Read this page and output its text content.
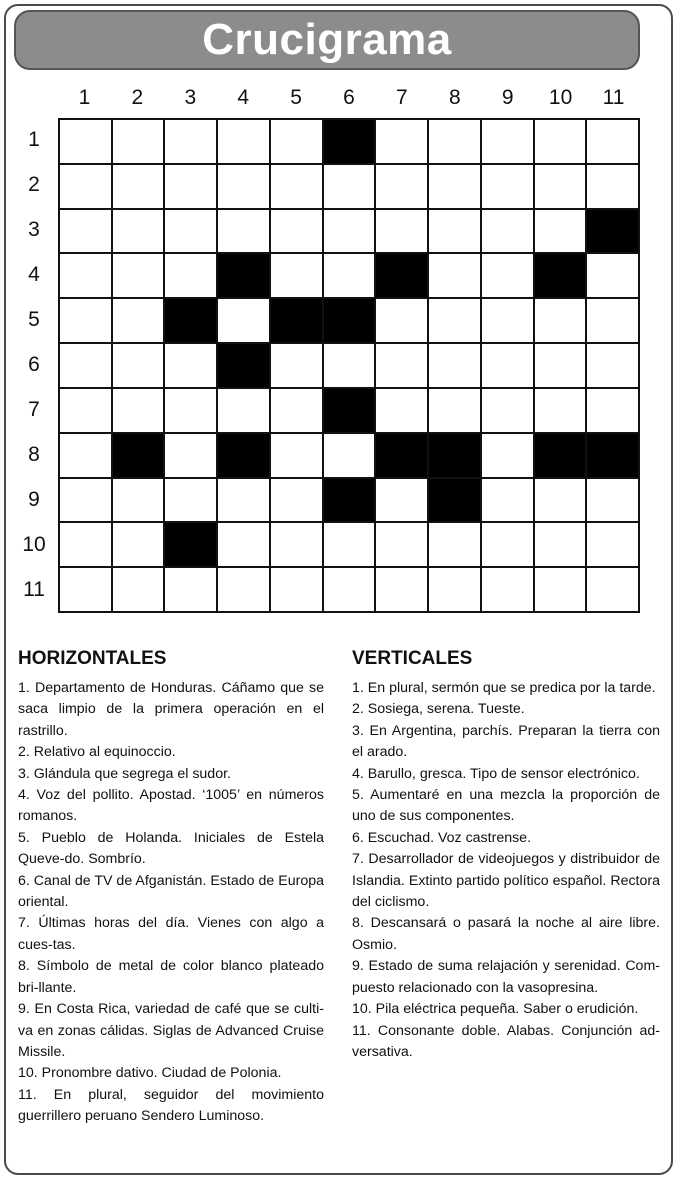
Crucigrama
1	2	3	4	5	6	7	8	9	10	11
1
2
3
4
5
6
7
8
9
10
11
HORIZONTALES

1. Departamento de Honduras. Cáñamo que se saca limpio de la primera operación en el rastrillo.

2. Relativo al equinoccio.

3. Glándula que segrega el sudor.

4. Voz del pollito. Apostad. ‘1005’ en números romanos.

5. Pueblo de Holanda. Iniciales de Estela Queve-do. Sombrío.

6. Canal de TV de Afganistán. Estado de Europa oriental.

7. Últimas horas del día. Vienes con algo a cues-tas.

8. Símbolo de metal de color blanco plateado bri-llante.

9. En Costa Rica, variedad de café que se culti-va en zonas cálidas. Siglas de Advanced Cruise Missile.

10. Pronombre dativo. Ciudad de Polonia.

11. En plural, seguidor del movimiento guerrillero peruano Sendero Luminoso.

VERTICALES

1. En plural, sermón que se predica por la tarde.

2. Sosiega, serena. Tueste.

3. En Argentina, parchís. Preparan la tierra con el arado.

4. Barullo, gresca. Tipo de sensor electrónico.

5. Aumentaré en una mezcla la proporción de uno de sus componentes.

6. Escuchad. Voz castrense.

7. Desarrollador de videojuegos y distribuidor de Islandia. Extinto partido político español. Rectora del ciclismo.

8. Descansará o pasará la noche al aire libre. Osmio.

9. Estado de suma relajación y serenidad. Com-puesto relacionado con la vasopresina.

10. Pila eléctrica pequeña. Saber o erudición.

11. Consonante doble. Alabas. Conjunción ad-versativa.
